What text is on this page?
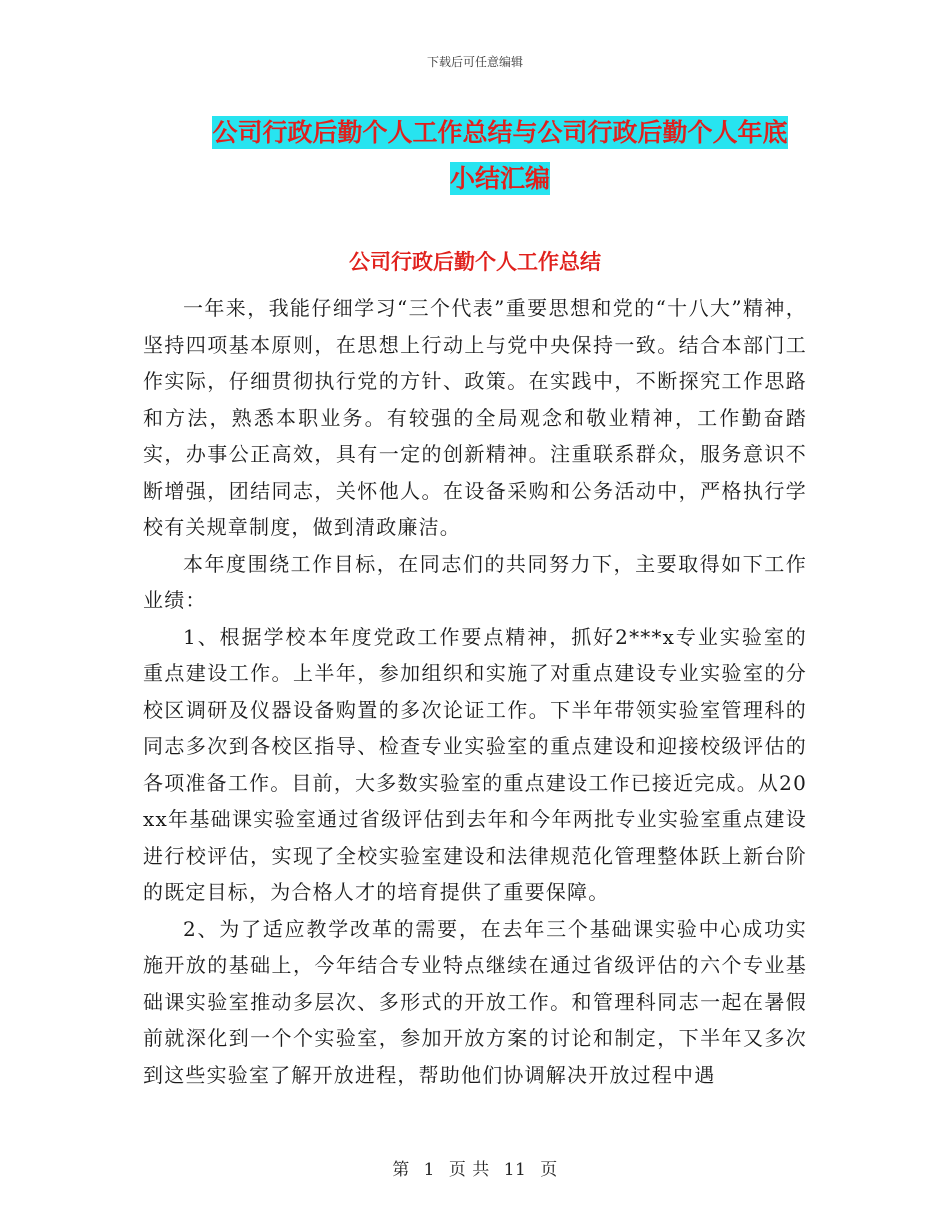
下载后可任意编辑
公司行政后勤个人工作总结与公司行政后勤个人年底
小结汇编
公司行政后勤个人工作总结

一年来，我能仔细学习“三个代表”重要思想和党的“十八大”精神，坚持四项基本原则，在思想上行动上与党中央保持一致。结合本部门工作实际，仔细贯彻执行党的方针、政策。在实践中，不断探究工作思路和方法，熟悉本职业务。有较强的全局观念和敬业精神，工作勤奋踏实，办事公正高效，具有一定的创新精神。注重联系群众，服务意识不断增强，团结同志，关怀他人。在设备采购和公务活动中，严格执行学校有关规章制度，做到清政廉洁。

本年度围绕工作目标，在同志们的共同努力下，主要取得如下工作业绩：

1、根据学校本年度党政工作要点精神，抓好2***x专业实验室的重点建设工作。上半年，参加组织和实施了对重点建设专业实验室的分校区调研及仪器设备购置的多次论证工作。下半年带领实验室管理科的同志多次到各校区指导、检查专业实验室的重点建设和迎接校级评估的各项准备工作。目前，大多数实验室的重点建设工作已接近完成。从20xx年基础课实验室通过省级评估到去年和今年两批专业实验室重点建设进行校评估，实现了全校实验室建设和法律规范化管理整体跃上新台阶的既定目标，为合格人才的培育提供了重要保障。

2、为了适应教学改革的需要，在去年三个基础课实验中心成功实施开放的基础上，今年结合专业特点继续在通过省级评估的六个专业基础课实验室推动多层次、多形式的开放工作。和管理科同志一起在暑假前就深化到一个个实验室，参加开放方案的讨论和制定，下半年又多次到这些实验室了解开放进程，帮助他们协调解决开放过程中遇

第 1 页 共 11 页
